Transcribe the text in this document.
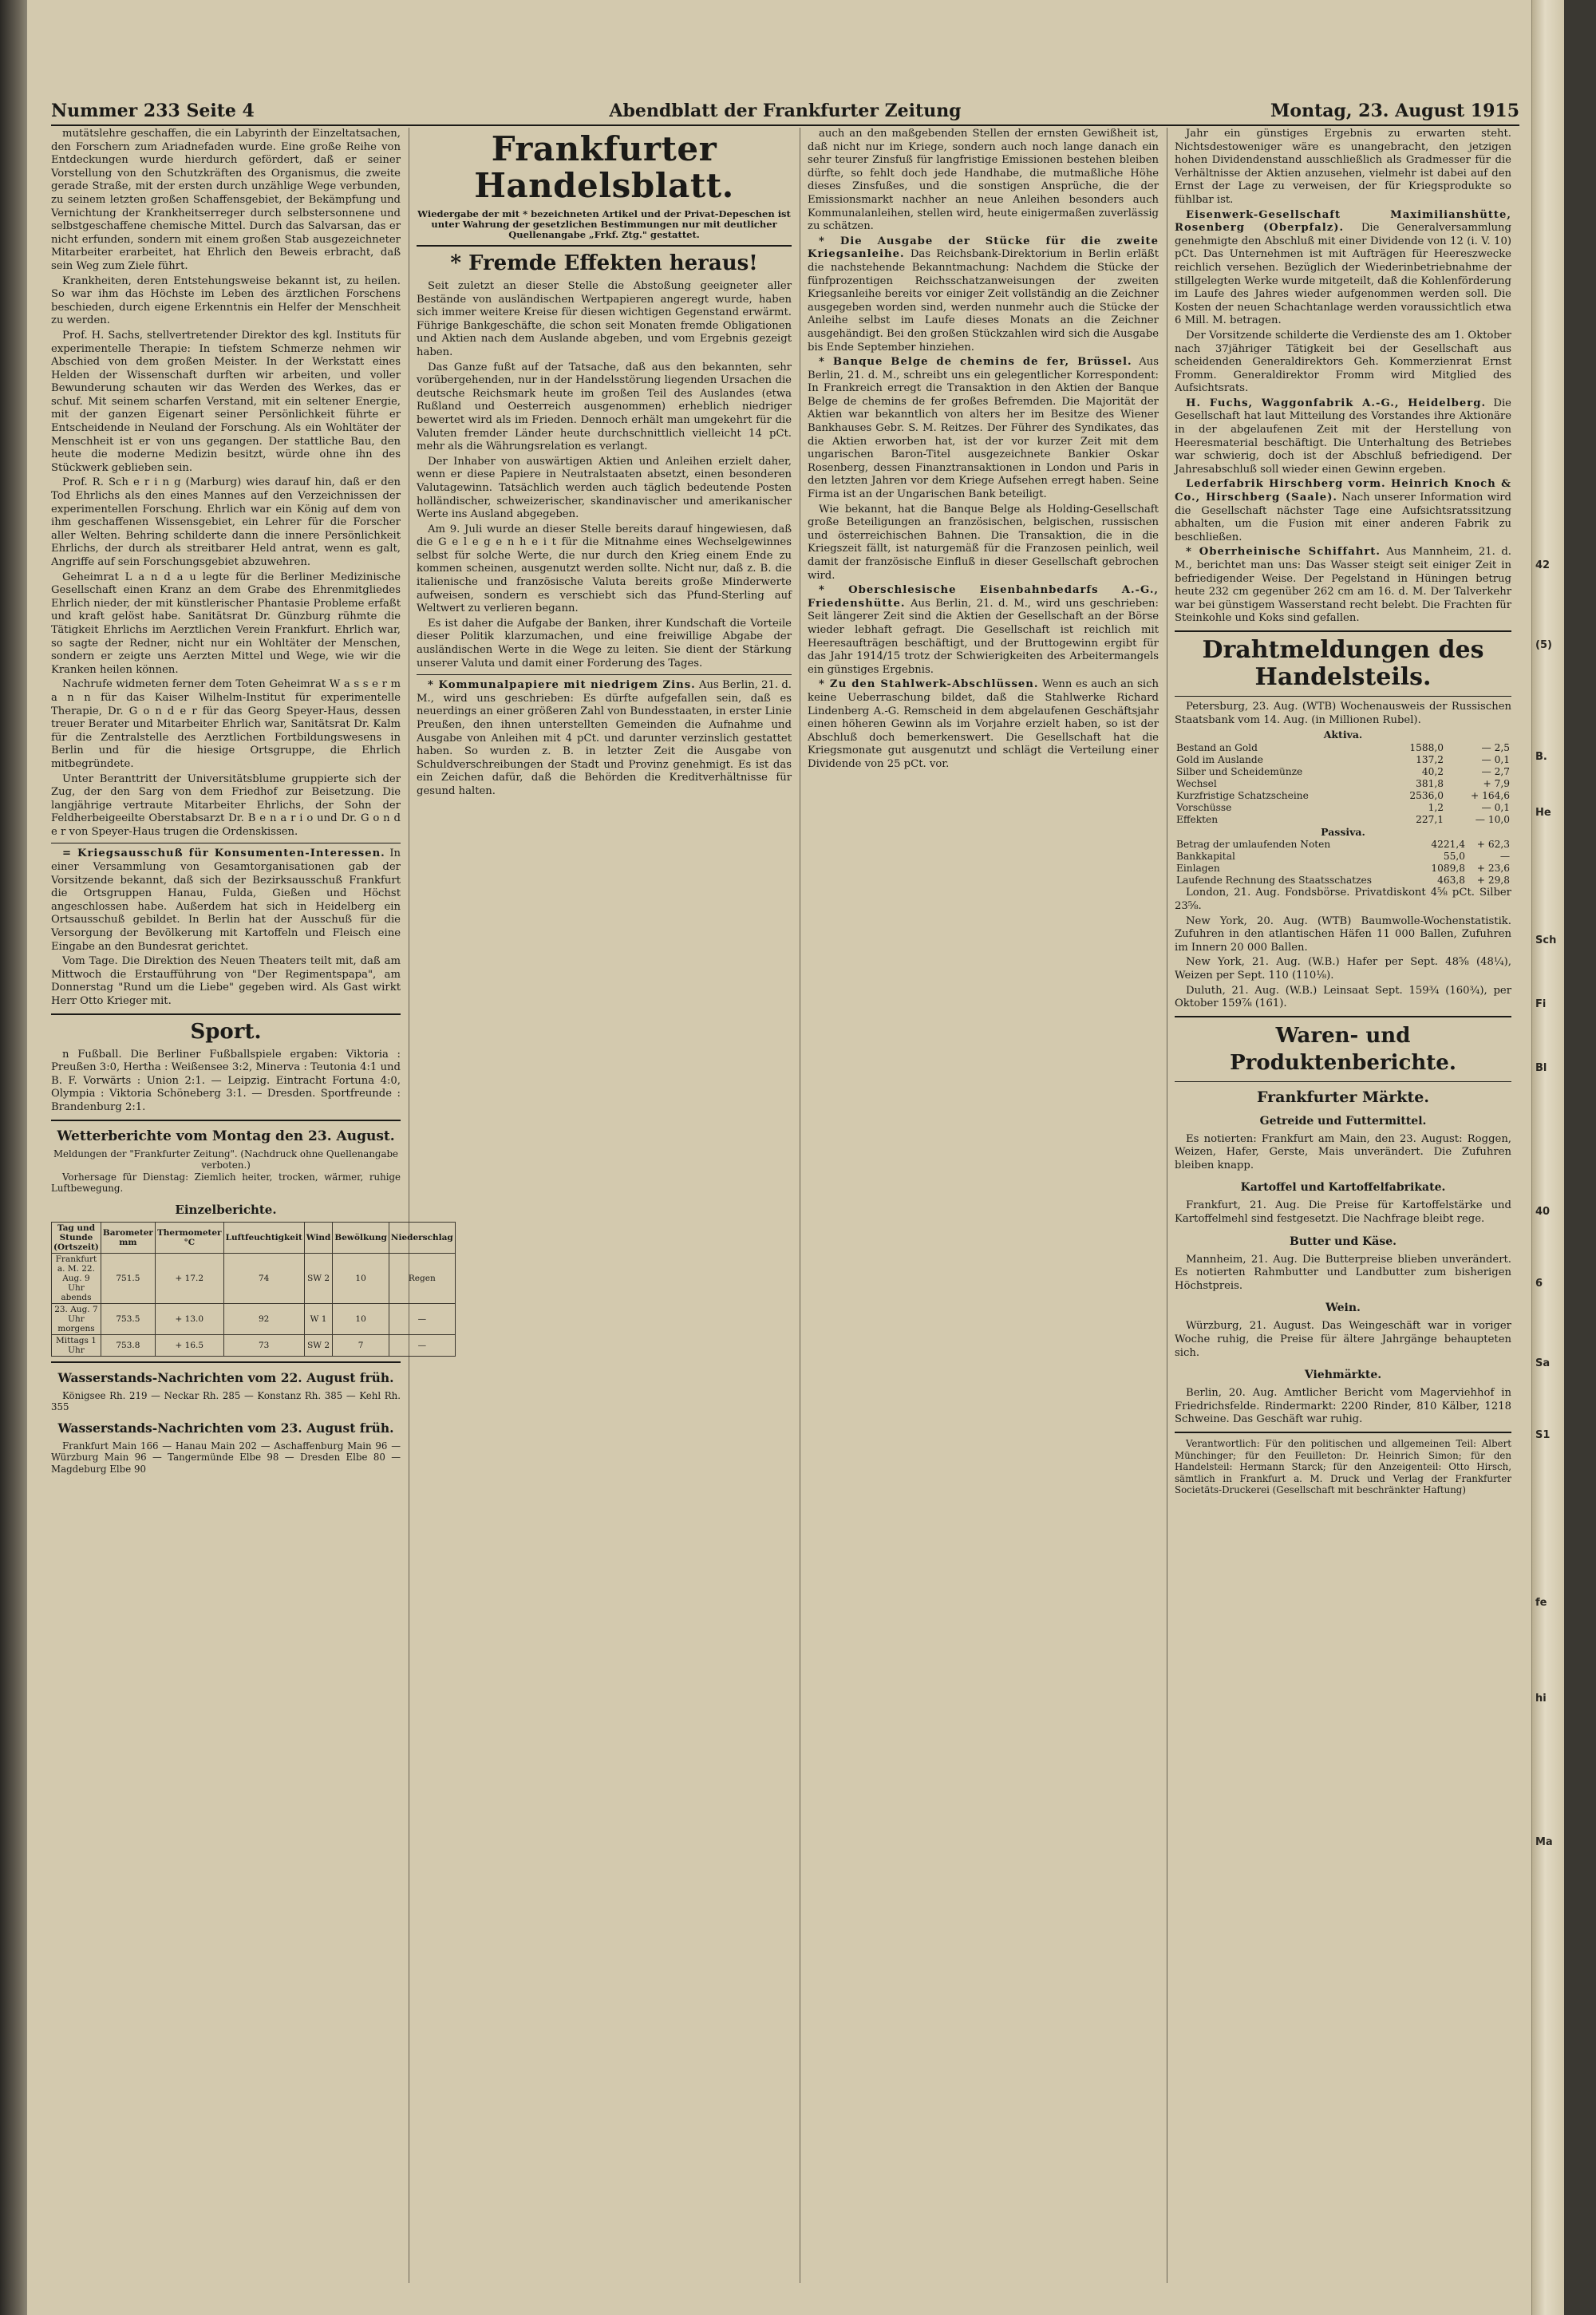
Nummer 233 Seite 4	Abendblatt der Frankfurter Zeitung	Montag, 23. August 1915

mutätslehre geschaffen, die ein Labyrinth der Einzeltatsachen, den Forschern zum Ariadnefaden wurde. Eine große Reihe von Entdeckungen wurde hierdurch gefördert, daß er seiner Vorstellung von den Schutzkräften des Organismus, die zweite gerade Straße, mit der ersten durch unzählige Wege verbunden, zu seinem letzten großen Schaffensgebiet, der Bekämpfung und Vernichtung der Krankheitserreger durch selbstersonnene und selbstgeschaffene chemische Mittel. Durch das Salvarsan, das er nicht erfunden, sondern mit einem großen Stab ausgezeichneter Mitarbeiter erarbeitet, hat Ehrlich den Beweis erbracht, daß sein Weg zum Ziele führt.

Krankheiten, deren Entstehungsweise bekannt ist, zu heilen. So war ihm das Höchste im Leben des ärztlichen Forschens beschieden, durch eigene Erkenntnis ein Helfer der Menschheit zu werden.

Prof. H. Sachs, stellvertretender Direktor des kgl. Instituts für experimentelle Therapie: In tiefstem Schmerze nehmen wir Abschied von dem großen Meister. In der Werkstatt eines Helden der Wissenschaft durften wir arbeiten, und voller Bewunderung schauten wir das Werden des Werkes, das er schuf. Mit seinem scharfen Verstand, mit ein seltener Energie, mit der ganzen Eigenart seiner Persönlichkeit führte er Entscheidende in Neuland der Forschung. Als ein Wohltäter der Menschheit ist er von uns gegangen. Der stattliche Bau, den heute die moderne Medizin besitzt, würde ohne ihn des Stückwerk geblieben sein.

Prof. R. Sch e r i n g (Marburg) wies darauf hin, daß er den Tod Ehrlichs als den eines Mannes auf den Verzeichnissen der experimentellen Forschung. Ehrlich war ein König auf dem von ihm geschaffenen Wissensgebiet, ein Lehrer für die Forscher aller Welten. Behring schilderte dann die innere Persönlichkeit Ehrlichs, der durch als streitbarer Held antrat, wenn es galt, Angriffe auf sein Forschungsgebiet abzuwehren.

Geheimrat L a n d a u legte für die Berliner Medizinische Gesellschaft einen Kranz an dem Grabe des Ehrenmitgliedes Ehrlich nieder, der mit künstlerischer Phantasie Probleme erfaßt und kraft gelöst habe. Sanitätsrat Dr. Günzburg rühmte die Tätigkeit Ehrlichs im Aerztlichen Verein Frankfurt. Ehrlich war, so sagte der Redner, nicht nur ein Wohltäter der Menschen, sondern er zeigte uns Aerzten Mittel und Wege, wie wir die Kranken heilen können.

Nachrufe widmeten ferner dem Toten Geheimrat W a s s e r m a n n für das Kaiser Wilhelm-Institut für experimentelle Therapie, Dr. G o n d e r für das Georg Speyer-Haus, dessen treuer Berater und Mitarbeiter Ehrlich war, Sanitätsrat Dr. Kalm für die Zentralstelle des Aerztlichen Fortbildungswesens in Berlin und für die hiesige Ortsgruppe, die Ehrlich mitbegründete.

Unter Beranttritt der Universitätsblume gruppierte sich der Zug, der den Sarg von dem Friedhof zur Beisetzung. Die langjährige vertraute Mitarbeiter Ehrlichs, der Sohn der Feldherbeigeeilte Oberstabsarzt Dr. B e n a r i o und Dr. G o n d e r von Speyer-Haus trugen die Ordenskissen.

= Kriegsausschuß für Konsumenten-Interessen. In einer Versammlung von Gesamtorganisationen gab der Vorsitzende bekannt, daß sich der Bezirksausschuß Frankfurt die Ortsgruppen Hanau, Fulda, Gießen und Höchst angeschlossen habe. Außerdem hat sich in Heidelberg ein Ortsausschuß gebildet. In Berlin hat der Ausschuß für die Versorgung der Bevölkerung mit Kartoffeln und Fleisch eine Eingabe an den Bundesrat gerichtet.

Vom Tage. Die Direktion des Neuen Theaters teilt mit, daß am Mittwoch die Erstaufführung von "Der Regimentspapa", am Donnerstag "Rund um die Liebe" gegeben wird. Als Gast wirkt Herr Otto Krieger mit.

Sport.

n Fußball. Die Berliner Fußballspiele ergaben: Viktoria : Preußen 3:0, Hertha : Weißensee 3:2, Minerva : Teutonia 4:1 und B. F. Vorwärts : Union 2:1. — Leipzig. Eintracht Fortuna 4:0, Olympia : Viktoria Schöneberg 3:1. — Dresden. Sportfreunde : Brandenburg 2:1.

Wetterberichte vom Montag den 23. August.
Meldungen der "Frankfurter Zeitung". (Nachdruck ohne Quellenangabe verboten.)

Vorhersage für Dienstag: Ziemlich heiter, trocken, wärmer, ruhige Luftbewegung.

Einzelberichte.
Tag und Stunde (Ortszeit)	Barometer mm	Thermometer °C	Luftfeuchtigkeit	Wind	Bewölkung	Niederschlag
Frankfurt a. M. 22. Aug. 9 Uhr abends	751.5	+ 17.2	74	SW 2	10	Regen
23. Aug. 7 Uhr morgens	753.5	+ 13.0	92	W 1	10	—
Mittags 1 Uhr	753.8	+ 16.5	73	SW 2	7	—
Wasserstands-Nachrichten vom 22. August früh.

Königsee Rh. 219 — Neckar Rh. 285 — Konstanz Rh. 385 — Kehl Rh. 355

Wasserstands-Nachrichten vom 23. August früh.

Frankfurt Main 166 — Hanau Main 202 — Aschaffenburg Main 96 — Würzburg Main 96 — Tangermünde Elbe 98 — Dresden Elbe 80 — Magdeburg Elbe 90

Frankfurter Handelsblatt.
Wiedergabe der mit * bezeichneten Artikel und der Privat-Depeschen ist unter Wahrung der gesetzlichen Bestimmungen nur mit deutlicher Quellenangabe „Frkf. Ztg." gestattet.
* Fremde Effekten heraus!

Seit zuletzt an dieser Stelle die Abstoßung geeigneter aller Bestände von ausländischen Wertpapieren angeregt wurde, haben sich immer weitere Kreise für diesen wichtigen Gegenstand erwärmt. Führige Bankgeschäfte, die schon seit Monaten fremde Obligationen und Aktien nach dem Auslande abgeben, und vom Ergebnis gezeigt haben.

Das Ganze fußt auf der Tatsache, daß aus den bekannten, sehr vorübergehenden, nur in der Handelsstörung liegenden Ursachen die deutsche Reichsmark heute im großen Teil des Auslandes (etwa Rußland und Oesterreich ausgenommen) erheblich niedriger bewertet wird als im Frieden. Dennoch erhält man umgekehrt für die Valuten fremder Länder heute durchschnittlich vielleicht 14 pCt. mehr als die Währungsrelation es verlangt.

Der Inhaber von auswärtigen Aktien und Anleihen erzielt daher, wenn er diese Papiere in Neutralstaaten absetzt, einen besonderen Valutagewinn. Tatsächlich werden auch täglich bedeutende Posten holländischer, schweizerischer, skandinavischer und amerikanischer Werte ins Ausland abgegeben.

Am 9. Juli wurde an dieser Stelle bereits darauf hingewiesen, daß die G e l e g e n h e i t für die Mitnahme eines Wechselgewinnes selbst für solche Werte, die nur durch den Krieg einem Ende zu kommen scheinen, ausgenutzt werden sollte. Nicht nur, daß z. B. die italienische und französische Valuta bereits große Minderwerte aufweisen, sondern es verschiebt sich das Pfund-Sterling auf Weltwert zu verlieren begann.

Es ist daher die Aufgabe der Banken, ihrer Kundschaft die Vorteile dieser Politik klarzumachen, und eine freiwillige Abgabe der ausländischen Werte in die Wege zu leiten. Sie dient der Stärkung unserer Valuta und damit einer Forderung des Tages.

* Kommunalpapiere mit niedrigem Zins. Aus Berlin, 21. d. M., wird uns geschrieben: Es dürfte aufgefallen sein, daß es neuerdings an einer größeren Zahl von Bundesstaaten, in erster Linie Preußen, den ihnen unterstellten Gemeinden die Aufnahme und Ausgabe von Anleihen mit 4 pCt. und darunter verzinslich gestattet haben. So wurden z. B. in letzter Zeit die Ausgabe von Schuldverschreibungen der Stadt und Provinz genehmigt. Es ist das ein Zeichen dafür, daß die Behörden die Kreditverhältnisse für gesund halten.

auch an den maßgebenden Stellen der ernsten Gewißheit ist, daß nicht nur im Kriege, sondern auch noch lange danach ein sehr teurer Zinsfuß für langfristige Emissionen bestehen bleiben dürfte, so fehlt doch jede Handhabe, die mutmaßliche Höhe dieses Zinsfußes, und die sonstigen Ansprüche, die der Emissionsmarkt nachher an neue Anleihen besonders auch Kommunalanleihen, stellen wird, heute einigermaßen zuverlässig zu schätzen.

* Die Ausgabe der Stücke für die zweite Kriegsanleihe. Das Reichsbank-Direktorium in Berlin erläßt die nachstehende Bekanntmachung: Nachdem die Stücke der fünfprozentigen Reichsschatzanweisungen der zweiten Kriegsanleihe bereits vor einiger Zeit vollständig an die Zeichner ausgegeben worden sind, werden nunmehr auch die Stücke der Anleihe selbst im Laufe dieses Monats an die Zeichner ausgehändigt. Bei den großen Stückzahlen wird sich die Ausgabe bis Ende September hinziehen.

* Banque Belge de chemins de fer, Brüssel. Aus Berlin, 21. d. M., schreibt uns ein gelegentlicher Korrespondent: In Frankreich erregt die Transaktion in den Aktien der Banque Belge de chemins de fer großes Befremden. Die Majorität der Aktien war bekanntlich von alters her im Besitze des Wiener Bankhauses Gebr. S. M. Reitzes. Der Führer des Syndikates, das die Aktien erworben hat, ist der vor kurzer Zeit mit dem ungarischen Baron-Titel ausgezeichnete Bankier Oskar Rosenberg, dessen Finanztransaktionen in London und Paris in den letzten Jahren vor dem Kriege Aufsehen erregt haben. Seine Firma ist an der Ungarischen Bank beteiligt.

Wie bekannt, hat die Banque Belge als Holding-Gesellschaft große Beteiligungen an französischen, belgischen, russischen und österreichischen Bahnen. Die Transaktion, die in die Kriegszeit fällt, ist naturgemäß für die Franzosen peinlich, weil damit der französische Einfluß in dieser Gesellschaft gebrochen wird.

* Oberschlesische Eisenbahnbedarfs A.-G., Friedenshütte. Aus Berlin, 21. d. M., wird uns geschrieben: Seit längerer Zeit sind die Aktien der Gesellschaft an der Börse wieder lebhaft gefragt. Die Gesellschaft ist reichlich mit Heeresaufträgen beschäftigt, und der Bruttogewinn ergibt für das Jahr 1914/15 trotz der Schwierigkeiten des Arbeitermangels ein günstiges Ergebnis.

* Zu den Stahlwerk-Abschlüssen. Wenn es auch an sich keine Ueberraschung bildet, daß die Stahlwerke Richard Lindenberg A.-G. Remscheid in dem abgelaufenen Geschäftsjahr einen höheren Gewinn als im Vorjahre erzielt haben, so ist der Abschluß doch bemerkenswert. Die Gesellschaft hat die Kriegsmonate gut ausgenutzt und schlägt die Verteilung einer Dividende von 25 pCt. vor.

Jahr ein günstiges Ergebnis zu erwarten steht. Nichtsdestoweniger wäre es unangebracht, den jetzigen hohen Dividendenstand ausschließlich als Gradmesser für die Verhältnisse der Aktien anzusehen, vielmehr ist dabei auf den Ernst der Lage zu verweisen, der für Kriegsprodukte so fühlbar ist.

Eisenwerk-Gesellschaft Maximilianshütte, Rosenberg (Oberpfalz). Die Generalversammlung genehmigte den Abschluß mit einer Dividende von 12 (i. V. 10) pCt. Das Unternehmen ist mit Aufträgen für Heereszwecke reichlich versehen. Bezüglich der Wiederinbetriebnahme der stillgelegten Werke wurde mitgeteilt, daß die Kohlenförderung im Laufe des Jahres wieder aufgenommen werden soll. Die Kosten der neuen Schachtanlage werden voraussichtlich etwa 6 Mill. M. betragen.

Der Vorsitzende schilderte die Verdienste des am 1. Oktober nach 37jähriger Tätigkeit bei der Gesellschaft aus scheidenden Generaldirektors Geh. Kommerzienrat Ernst Fromm. Generaldirektor Fromm wird Mitglied des Aufsichtsrats.

H. Fuchs, Waggonfabrik A.-G., Heidelberg. Die Gesellschaft hat laut Mitteilung des Vorstandes ihre Aktionäre in der abgelaufenen Zeit mit der Herstellung von Heeresmaterial beschäftigt. Die Unterhaltung des Betriebes war schwierig, doch ist der Abschluß befriedigend. Der Jahresabschluß soll wieder einen Gewinn ergeben.

Lederfabrik Hirschberg vorm. Heinrich Knoch & Co., Hirschberg (Saale). Nach unserer Information wird die Gesellschaft nächster Tage eine Aufsichtsratssitzung abhalten, um die Fusion mit einer anderen Fabrik zu beschließen.

* Oberrheinische Schiffahrt. Aus Mannheim, 21. d. M., berichtet man uns: Das Wasser steigt seit einiger Zeit in befriedigender Weise. Der Pegelstand in Hüningen betrug heute 232 cm gegenüber 262 cm am 16. d. M. Der Talverkehr war bei günstigem Wasserstand recht belebt. Die Frachten für Steinkohle und Koks sind gefallen.

Drahtmeldungen des Handelsteils.

Petersburg, 23. Aug. (WTB) Wochenausweis der Russischen Staatsbank vom 14. Aug. (in Millionen Rubel).

Aktiva.
Bestand an Gold	1588,0	— 2,5
Gold im Auslande	137,2	— 0,1
Silber und Scheidemünze	40,2	— 2,7
Wechsel	381,8	+ 7,9
Kurzfristige Schatzscheine	2536,0	+ 164,6
Vorschüsse	1,2	— 0,1
Effekten	227,1	— 10,0
Passiva.
Betrag der umlaufenden Noten	4221,4	+ 62,3
Bankkapital	55,0	—
Einlagen	1089,8	+ 23,6
Laufende Rechnung des Staatsschatzes	463,8	+ 29,8

London, 21. Aug. Fondsbörse. Privatdiskont 4⅝ pCt. Silber 23⅝.

New York, 20. Aug. (WTB) Baumwolle-Wochenstatistik. Zufuhren in den atlantischen Häfen 11 000 Ballen, Zufuhren im Innern 20 000 Ballen.

New York, 21. Aug. (W.B.) Hafer per Sept. 48⅝ (48¼), Weizen per Sept. 110 (110⅛).

Duluth, 21. Aug. (W.B.) Leinsaat Sept. 159¾ (160¾), per Oktober 159⅞ (161).

Waren- und Produktenberichte.
Frankfurter Märkte.
Getreide und Futtermittel.

Es notierten: Frankfurt am Main, den 23. August: Roggen, Weizen, Hafer, Gerste, Mais unverändert. Die Zufuhren bleiben knapp.

Kartoffel und Kartoffelfabrikate.

Frankfurt, 21. Aug. Die Preise für Kartoffelstärke und Kartoffelmehl sind festgesetzt. Die Nachfrage bleibt rege.

Butter und Käse.

Mannheim, 21. Aug. Die Butterpreise blieben unverändert. Es notierten Rahmbutter und Landbutter zum bisherigen Höchstpreis.

Wein.

Würzburg, 21. August. Das Weingeschäft war in voriger Woche ruhig, die Preise für ältere Jahrgänge behaupteten sich.

Viehmärkte.

Berlin, 20. Aug. Amtlicher Bericht vom Magerviehhof in Friedrichsfelde. Rindermarkt: 2200 Rinder, 810 Kälber, 1218 Schweine. Das Geschäft war ruhig.

Verantwortlich: Für den politischen und allgemeinen Teil: Albert Münchinger; für den Feuilleton: Dr. Heinrich Simon; für den Handelsteil: Hermann Starck; für den Anzeigenteil: Otto Hirsch, sämtlich in Frankfurt a. M. Druck und Verlag der Frankfurter Societäts-Druckerei (Gesellschaft mit beschränkter Haftung)

42
(5)
B.
He
Sch
Fi
Bl
40
6
Sa
S1
fe
hi
Ma
